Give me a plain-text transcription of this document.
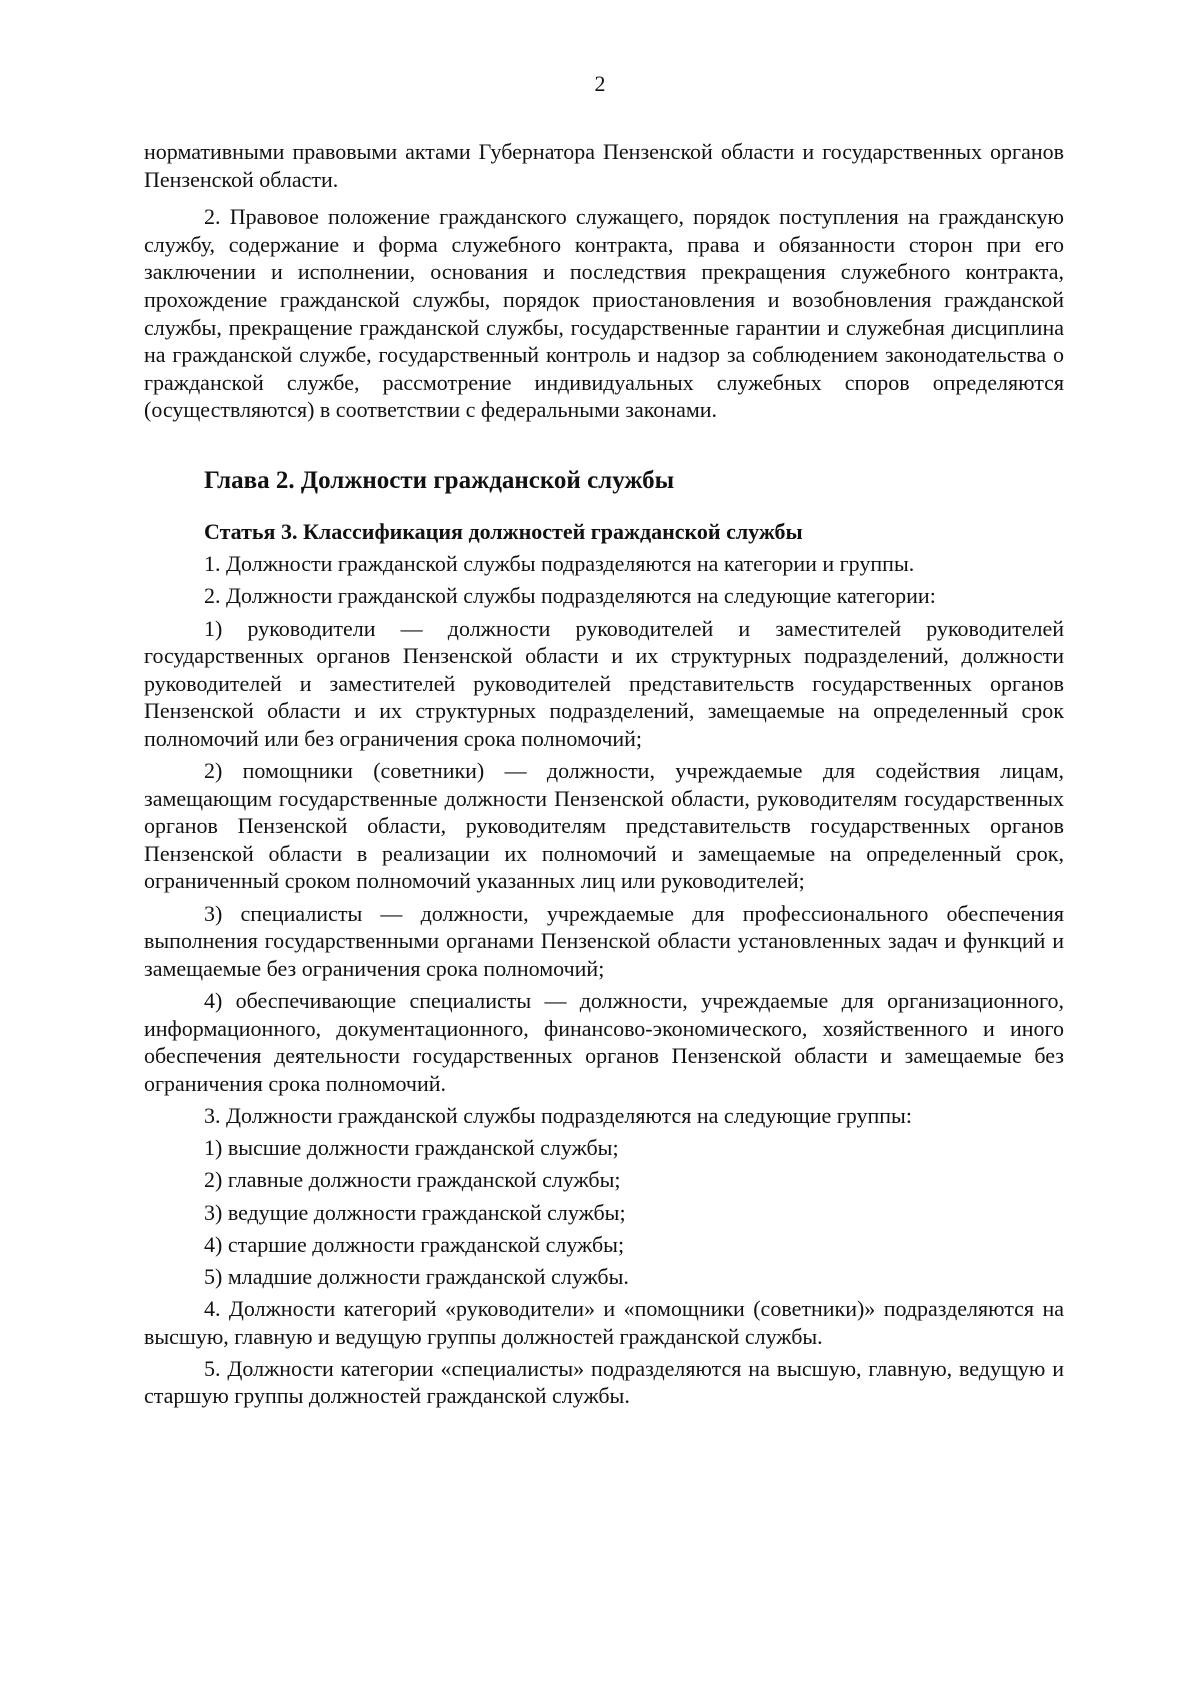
2

нормативными правовыми актами Губернатора Пензенской области и государственных органов Пензенской области.

2. Правовое положение гражданского служащего, порядок поступления на гражданскую службу, содержание и форма служебного контракта, права и обязанности сторон при его заключении и исполнении, основания и последствия прекращения служебного контракта, прохождение гражданской службы, порядок приостановления и возобновления гражданской службы, прекращение гражданской службы, государственные гарантии и служебная дисциплина на гражданской службе, государственный контроль и надзор за соблюдением законодательства о гражданской службе, рассмотрение индивидуальных служебных споров определяются (осуществляются) в соответствии с федеральными законами.

Глава 2. Должности гражданской службы
Статья 3. Классификация должностей гражданской службы

1. Должности гражданской службы подразделяются на категории и группы.

2. Должности гражданской службы подразделяются на следующие категории:

1) руководители — должности руководителей и заместителей руководителей государственных органов Пензенской области и их структурных подразделений, должности руководителей и заместителей руководителей представительств государственных органов Пензенской области и их структурных подразделений, замещаемые на определенный срок полномочий или без ограничения срока полномочий;

2) помощники (советники) — должности, учреждаемые для содействия лицам, замещающим государственные должности Пензенской области, руководителям государственных органов Пензенской области, руководителям представительств государственных органов Пензенской области в реализации их полномочий и замещаемые на определенный срок, ограниченный сроком полномочий указанных лиц или руководителей;

3) специалисты — должности, учреждаемые для профессионального обеспечения выполнения государственными органами Пензенской области установленных задач и функций и замещаемые без ограничения срока полномочий;

4) обеспечивающие специалисты — должности, учреждаемые для организационного, информационного, документационного, финансово-экономического, хозяйственного и иного обеспечения деятельности государственных органов Пензенской области и замещаемые без ограничения срока полномочий.

3. Должности гражданской службы подразделяются на следующие группы:

1) высшие должности гражданской службы;

2) главные должности гражданской службы;

3) ведущие должности гражданской службы;

4) старшие должности гражданской службы;

5) младшие должности гражданской службы.

4. Должности категорий «руководители» и «помощники (советники)» подразделяются на высшую, главную и ведущую группы должностей гражданской службы.

5. Должности категории «специалисты» подразделяются на высшую, главную, ведущую и старшую группы должностей гражданской службы.
